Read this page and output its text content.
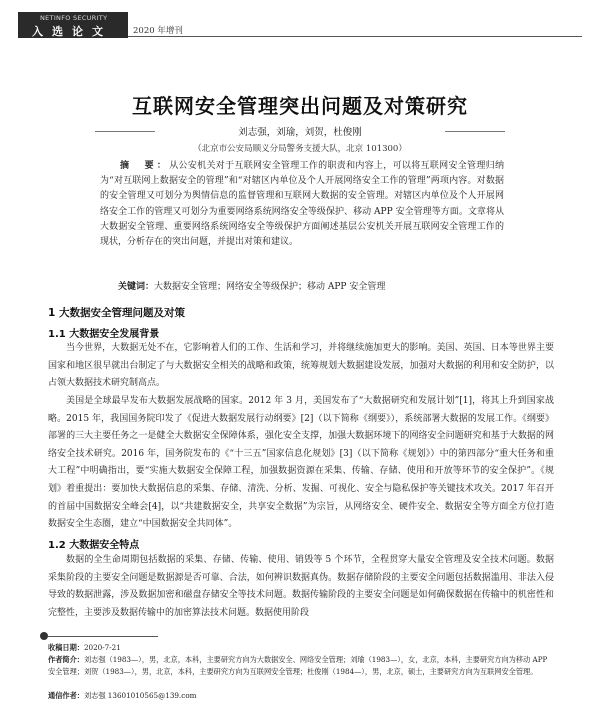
NETINFO SECURITY
入选论文 2020 年增刊
互联网安全管理突出问题及对策研究
刘志强，刘瑜，刘贺，杜俊刚
（北京市公安局顺义分局警务支援大队，北京 101300）
摘　要：从公安机关对于互联网安全管理工作的职责和内容上，可以将互联网安全管理归纳为“对互联网上数据安全的管理”和“对辖区内单位及个人开展网络安全工作的管理”两项内容。对数据的安全管理又可划分为舆情信息的监督管理和互联网大数据的安全管理。对辖区内单位及个人开展网络安全工作的管理又可划分为重要网络系统网络安全等级保护、移动 APP 安全管理等方面。文章将从大数据安全管理、重要网络系统网络安全等级保护方面阐述基层公安机关开展互联网安全管理工作的现状，分析存在的突出问题，并提出对策和建议。
关键词：大数据安全管理；网络安全等级保护；移动 APP 安全管理
1 大数据安全管理问题及对策
1.1 大数据安全发展背景
当今世界，大数据无处不在，它影响着人们的工作、生活和学习，并将继续施加更大的影响。美国、英国、日本等世界主要国家和地区很早就出台制定了与大数据安全相关的战略和政策，统筹规划大数据建设发展，加强对大数据的利用和安全防护，以占领大数据技术研究制高点。
美国是全球最早发布大数据发展战略的国家。2012 年 3 月，美国发布了“大数据研究和发展计划”[1]，将其上升到国家战略。2015 年，我国国务院印发了《促进大数据发展行动纲要》[2]（以下简称《纲要》），系统部署大数据的发展工作。《纲要》部署的三大主要任务之一是健全大数据安全保障体系，强化安全支撑，加强大数据环境下的网络安全问题研究和基于大数据的网络安全技术研究。2016 年，国务院发布的《“十三五”国家信息化规划》[3]（以下简称《规划》）中的第四部分“重大任务和重大工程”中明确指出，要“实施大数据安全保障工程，加强数据资源在采集、传输、存储、使用和开放等环节的安全保护”。《规划》着重提出：要加快大数据信息的采集、存储、清洗、分析、发掘、可视化、安全与隐私保护等关键技术攻关。2017 年召开的首届中国数据安全峰会[4]，以“共建数据安全，共享安全数据”为宗旨，从网络安全、硬件安全、数据安全等方面全方位打造数据安全生态圈，建立“中国数据安全共同体”。
1.2 大数据安全特点
数据的全生命周期包括数据的采集、存储、传输、使用、销毁等 5 个环节，全程贯穿大量安全管理及安全技术问题。数据采集阶段的主要安全问题是数据源是否可靠、合法，如何辨识数据真伪。数据存储阶段的主要安全问题包括数据滥用、非法入侵导致的数据泄露，涉及数据加密和磁盘存储安全等技术问题。数据传输阶段的主要安全问题是如何确保数据在传输中的机密性和完整性，主要涉及数据传输中的加密算法技术问题。数据使用阶段
收稿日期：2020-7-21
作者简介：刘志强（1983—），男，北京，本科，主要研究方向为大数据安全、网络安全管理；刘瑜（1983—），女，北京，本科，主要研究方向为移动 APP 安全管理；刘贺（1983—），男，北京，本科，主要研究方向为互联网安全管理；杜俊刚（1984—），男，北京，硕士，主要研究方向为互联网安全管理。
通信作者：刘志强 13601010565@139.com
